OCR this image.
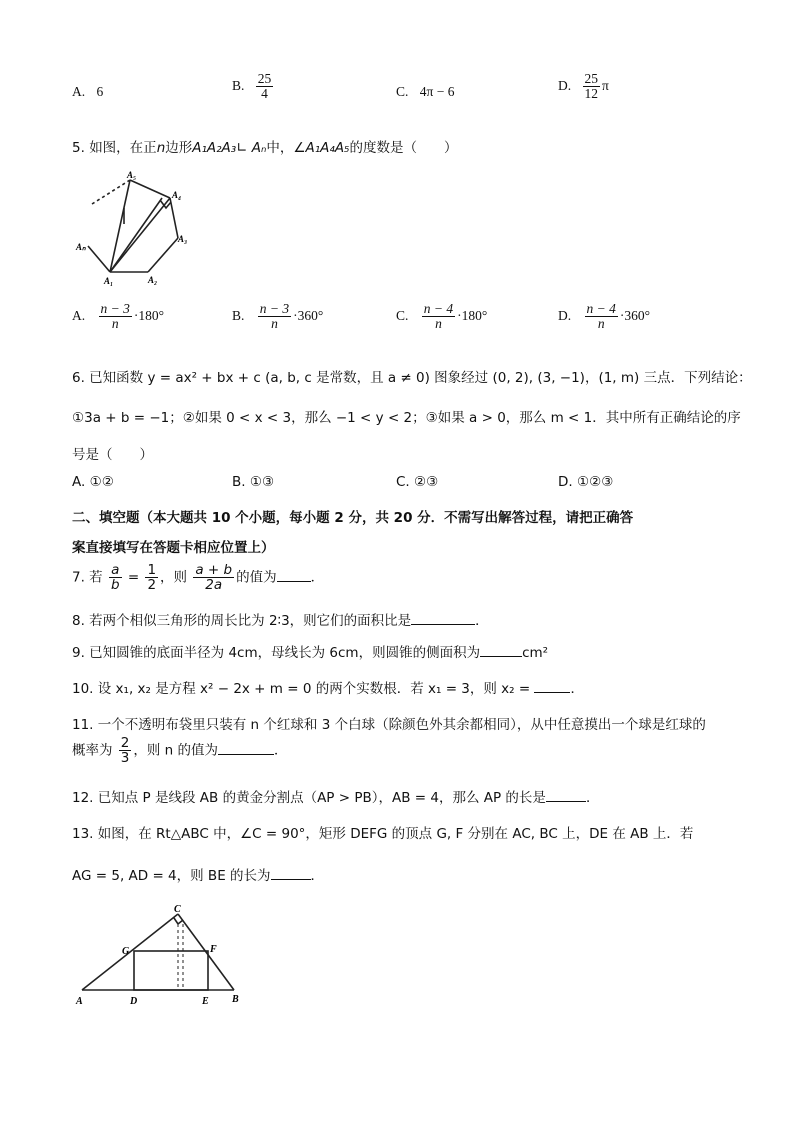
A. 6	B. $\frac{25}{4}$	C. 4π − 6	D. $\frac{25}{12}$ π
5. 如图，在正n边形A₁A₂A₃∟ Aₙ中，∠A₁A₄A₅的度数是（　　）
A₅
A₄
A₃
A₂
A₁
Aₙ
A. $\frac{n - 3}{n} \cdot 180^\circ$	B. $\frac{n - 3}{n} \cdot 360^\circ$	C. $\frac{n - 4}{n} \cdot 180^\circ$	D. $\frac{n - 4}{n} \cdot 360^\circ$
6. 已知函数 y = ax² + bx + c (a, b, c 是常数，且 a ≠ 0) 图象经过 (0, 2), (3, −1)，(1, m) 三点．下列结论：
①3a + b = −1；②如果 0 < x < 3，那么 −1 < y < 2；③如果 a > 0，那么 m < 1．其中所有正确结论的序
号是（　　）
A. ①②	B. ①③	C. ②③	D. ①②③
二、填空题（本大题共 10 个小题，每小题 2 分，共 20 分．不需写出解答过程，请把正确答
案直接填写在答题卡相应位置上）
7. 若 $\frac{a}{b} = \frac{1}{2}$ ，则 $\frac{a + b}{2a}$ 的值为	．
8. 若两个相似三角形的周长比为 2∶3，则它们的面积比是	．
9. 已知圆锥的底面半径为 4cm，母线长为 6cm，则圆锥的侧面积为	cm²
10. 设 x₁, x₂ 是方程 x² − 2x + m = 0 的两个实数根．若 x₁ = 3，则 x₂ =	．
11. 一个不透明布袋里只装有 n 个红球和 3 个白球（除颜色外其余都相同），从中任意摸出一个球是红球的
概率为 $\frac{2}{3}$ ，则 n 的值为	．
12. 已知点 P 是线段 AB 的黄金分割点（AP > PB），AB = 4，那么 AP 的长是	．
13. 如图，在 Rt△ABC 中，∠C = 90°，矩形 DEFG 的顶点 G, F 分别在 AC, BC 上，DE 在 AB 上．若
AG = 5, AD = 4，则 BE 的长为	．
C
G	F
A	D	E B
